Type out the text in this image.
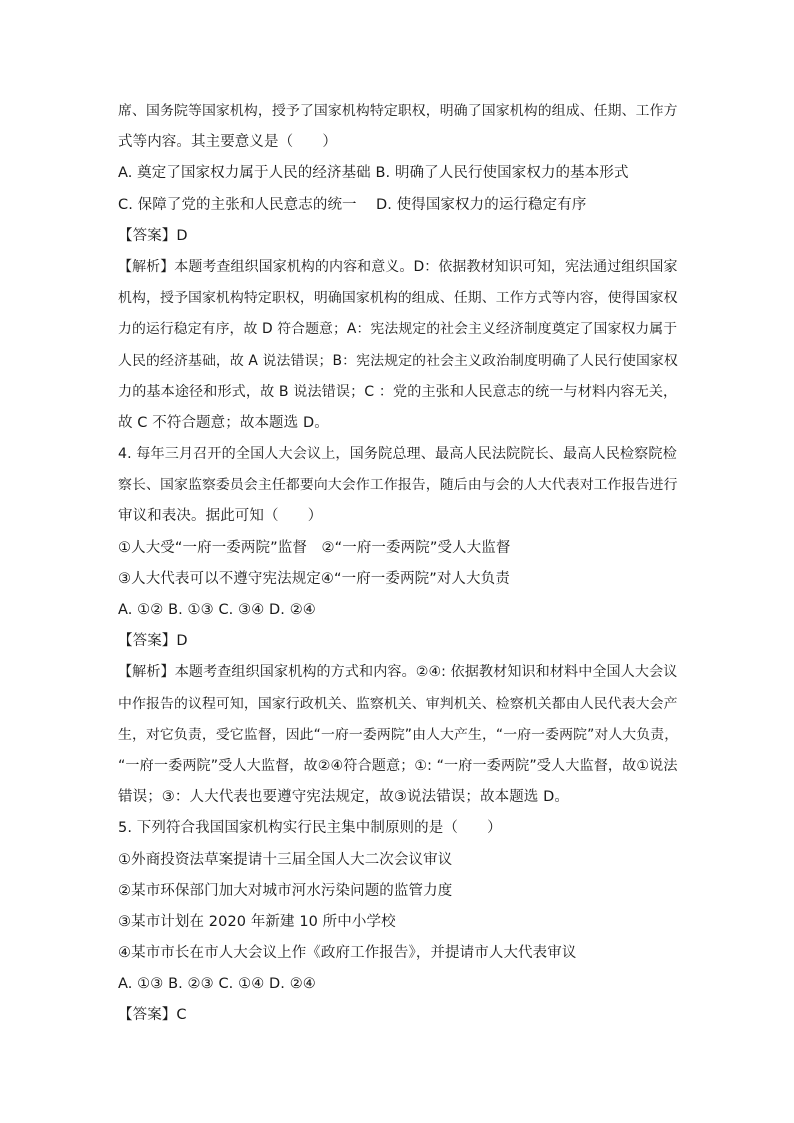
席、国务院等国家机构，授予了国家机构特定职权，明确了国家机构的组成、任期、工作方
式等内容。其主要意义是（　　）
A. 奠定了国家权力属于人民的经济基础 B. 明确了人民行使国家权力的基本形式
C. 保障了党的主张和人民意志的统一　 D. 使得国家权力的运行稳定有序
【答案】D
【解析】本题考查组织国家机构的内容和意义。D：依据教材知识可知，宪法通过组织国家
机构，授予国家机构特定职权，明确国家机构的组成、任期、工作方式等内容，使得国家权
力的运行稳定有序，故 D 符合题意；A：宪法规定的社会主义经济制度奠定了国家权力属于
人民的经济基础，故 A 说法错误；B：宪法规定的社会主义政治制度明确了人民行使国家权
力的基本途径和形式，故 B 说法错误；C ：党的主张和人民意志的统一与材料内容无关，
故 C 不符合题意；故本题选 D。
4. 每年三月召开的全国人大会议上，国务院总理、最高人民法院院长、最高人民检察院检
察长、国家监察委员会主任都要向大会作工作报告，随后由与会的人大代表对工作报告进行
审议和表决。据此可知（　　）
①人大受“一府一委两院”监督　②“一府一委两院”受人大监督
③人大代表可以不遵守宪法规定④“一府一委两院”对人大负责
A. ①② B. ①③ C. ③④ D. ②④
【答案】D
【解析】本题考查组织国家机构的方式和内容。②④: 依据教材知识和材料中全国人大会议
中作报告的议程可知，国家行政机关、监察机关、审判机关、检察机关都由人民代表大会产
生，对它负责，受它监督，因此“一府一委两院”由人大产生，“一府一委两院”对人大负责，
“一府一委两院”受人大监督，故②④符合题意；①: “一府一委两院”受人大监督，故①说法
错误；③：人大代表也要遵守宪法规定，故③说法错误；故本题选 D。
5. 下列符合我国国家机构实行民主集中制原则的是（　　）
①外商投资法草案提请十三届全国人大二次会议审议
②某市环保部门加大对城市河水污染问题的监管力度
③某市计划在 2020 年新建 10 所中小学校
④某市市长在市人大会议上作《政府工作报告》，并提请市人大代表审议
A. ①③ B. ②③ C. ①④ D. ②④
【答案】C
